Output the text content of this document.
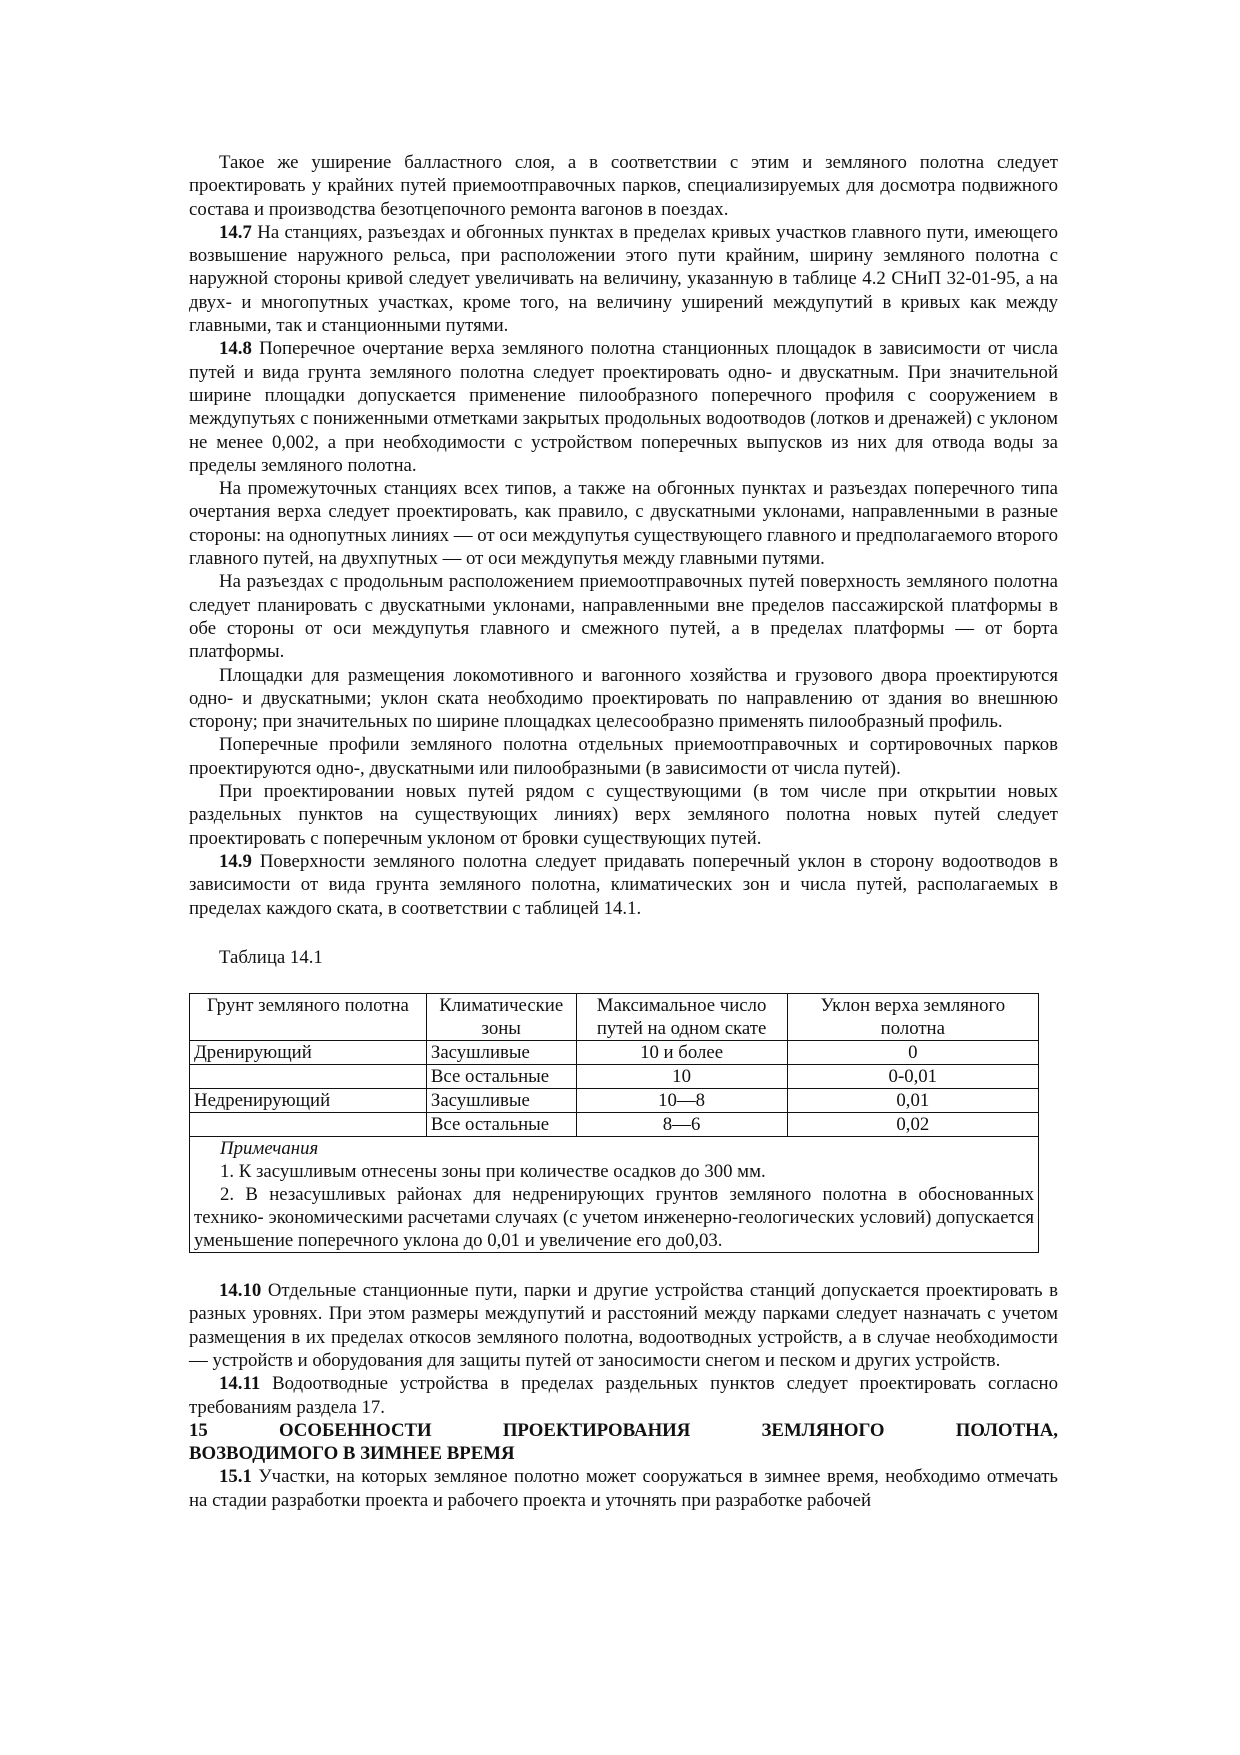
Такое же уширение балластного слоя, а в соответствии с этим и земляного полотна следует проектировать у крайних путей приемоотправочных парков, специализируемых для досмотра подвижного состава и производства безотцепочного ремонта вагонов в поездах.

14.7 На станциях, разъездах и обгонных пунктах в пределах кривых участков главного пути, имеющего возвышение наружного рельса, при расположении этого пути крайним, ширину земляного полотна с наружной стороны кривой следует увеличивать на величину, указанную в таблице 4.2 СНиП 32-01-95, а на двух- и многопутных участках, кроме того, на величину уширений междупутий в кривых как между главными, так и станционными путями.

14.8 Поперечное очертание верха земляного полотна станционных площадок в зависимости от числа путей и вида грунта земляного полотна следует проектировать одно- и двускатным. При значительной ширине площадки допускается применение пилообразного поперечного профиля с сооружением в междупутьях с пониженными отметками закрытых продольных водоотводов (лотков и дренажей) с уклоном не менее 0,002, а при необходимости с устройством поперечных выпусков из них для отвода воды за пределы земляного полотна.

На промежуточных станциях всех типов, а также на обгонных пунктах и разъездах поперечного типа очертания верха следует проектировать, как правило, с двускатными уклонами, направленными в разные стороны: на однопутных линиях — от оси междупутья существующего главного и предполагаемого второго главного путей, на двухпутных — от оси междупутья между главными путями.

На разъездах с продольным расположением приемоотправочных путей поверхность земляного полотна следует планировать с двускатными уклонами, направленными вне пределов пассажирской платформы в обе стороны от оси междупутья главного и смежного путей, а в пределах платформы — от борта платформы.

Площадки для размещения локомотивного и вагонного хозяйства и грузового двора проектируются одно- и двускатными; уклон ската необходимо проектировать по направлению от здания во внешнюю сторону; при значительных по ширине площадках целесообразно применять пилообразный профиль.

Поперечные профили земляного полотна отдельных приемоотправочных и сортировочных парков проектируются одно-, двускатными или пилообразными (в зависимости от числа путей).

При проектировании новых путей рядом с существующими (в том числе при открытии новых раздельных пунктов на существующих линиях) верх земляного полотна новых путей следует проектировать с поперечным уклоном от бровки существующих путей.

14.9 Поверхности земляного полотна следует придавать поперечный уклон в сторону водоотводов в зависимости от вида грунта земляного полотна, климатических зон и числа путей, располагаемых в пределах каждого ската, в соответствии с таблицей 14.1.

Таблица 14.1

Грунт земляного полотна	Климатические зоны	Максимальное число путей на одном скате	Уклон верха земляного полотна
Дренирующий	Засушливые	10 и более	0
	Все остальные	10	0-0,01
Недренирующий	Засушливые	10—8	0,01
	Все остальные	8—6	0,02

Примечания

1. К засушливым отнесены зоны при количестве осадков до 300 мм.

2. В незасушливых районах для недренирующих грунтов земляного полотна в обоснованных технико- экономическими расчетами случаях (с учетом инженерно-геологических условий) допускается уменьшение поперечного уклона до 0,01 и увеличение его до0,03.			

14.10 Отдельные станционные пути, парки и другие устройства станций допускается проектировать в разных уровнях. При этом размеры междупутий и расстояний между парками следует назначать с учетом размещения в их пределах откосов земляного полотна, водоотводных устройств, а в случае необходимости — устройств и оборудования для защиты путей от заносимости снегом и песком и других устройств.

14.11 Водоотводные устройства в пределах раздельных пунктов следует проектировать согласно требованиям раздела 17.

15 ОСОБЕННОСТИ ПРОЕКТИРОВАНИЯ ЗЕМЛЯНОГО ПОЛОТНА,
ВОЗВОДИМОГО В ЗИМНЕЕ ВРЕМЯ

15.1 Участки, на которых земляное полотно может сооружаться в зимнее время, необходимо отмечать на стадии разработки проекта и рабочего проекта и уточнять при разработке рабочей
